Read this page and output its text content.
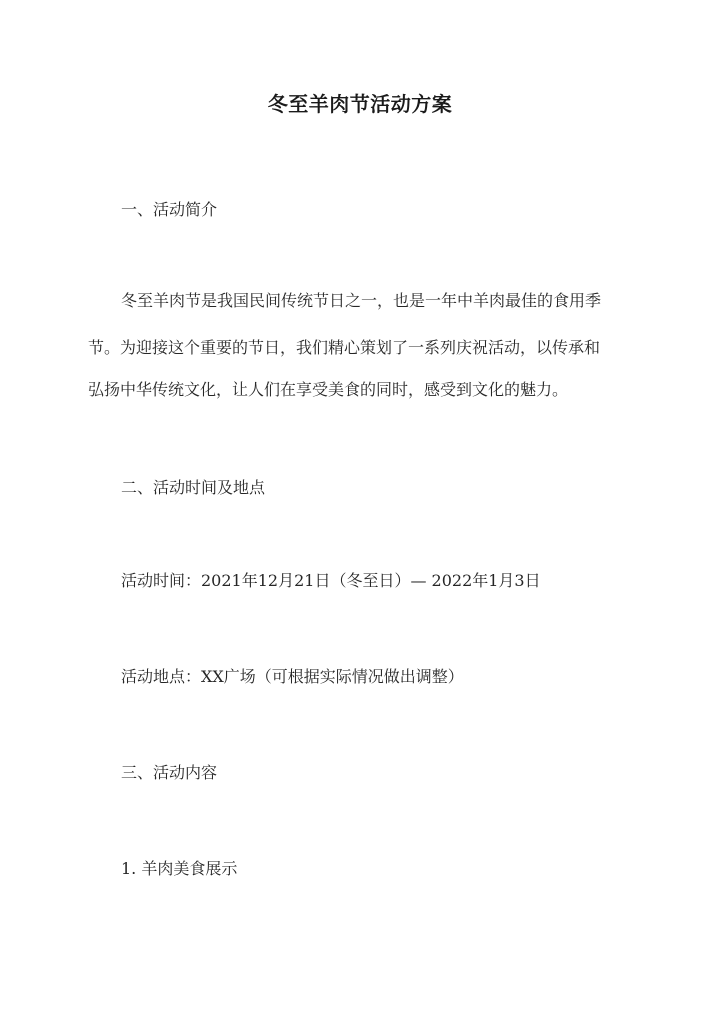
冬至羊肉节活动方案
一、活动简介
冬至羊肉节是我国民间传统节日之一，也是一年中羊肉最佳的食用季
节。为迎接这个重要的节日，我们精心策划了一系列庆祝活动，以传承和
弘扬中华传统文化，让人们在享受美食的同时，感受到文化的魅力。
二、活动时间及地点
活动时间：2021年12月21日（冬至日）— 2022年1月3日
活动地点：XX广场（可根据实际情况做出调整）
三、活动内容
1. 羊肉美食展示
